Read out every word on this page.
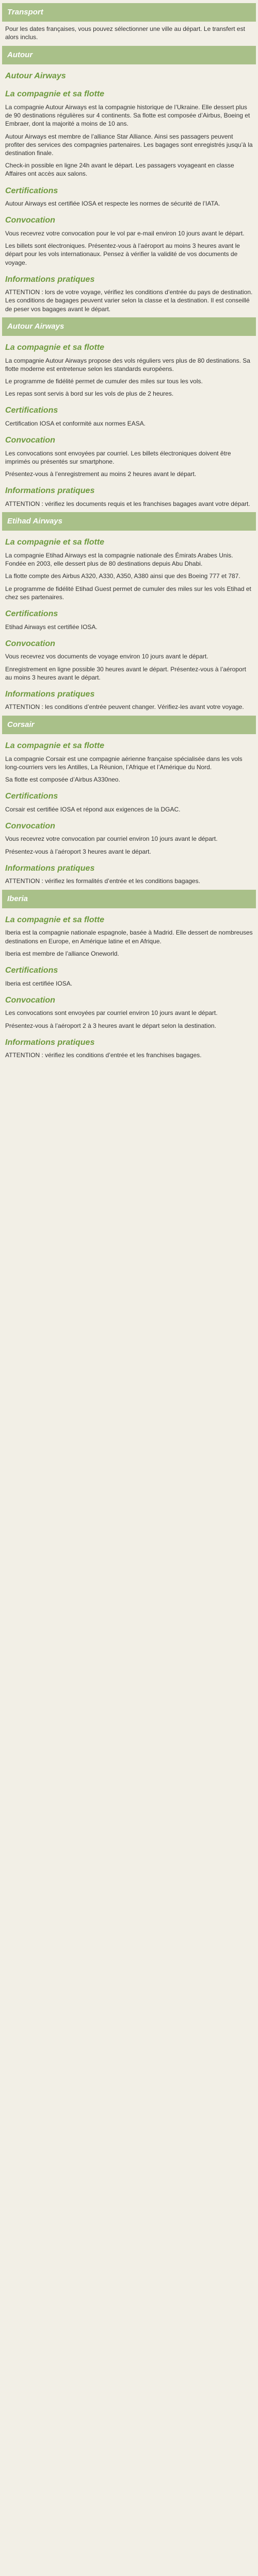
Transport
Pour les dates françaises, vous pouvez sélectionner une ville au départ. Le transfert est alors inclus.
Autour
Autour Airways
La compagnie et sa flotte
La compagnie Autour Airways est la compagnie historique de l’Ukraine. Elle dessert plus de 90 destinations régulières sur 4 continents. Sa flotte est composée d’Airbus, Boeing et Embraer, dont la majorité a moins de 10 ans.
Autour Airways est membre de l’alliance Star Alliance. Ainsi ses passagers peuvent profiter des services des compagnies partenaires. Les bagages sont enregistrés jusqu’à la destination finale.
Check-in possible en ligne 24h avant le départ. Les passagers voyageant en classe Affaires ont accès aux salons.
Certifications
Autour Airways est certifiée IOSA et respecte les normes de sécurité de l’IATA.
Convocation
Vous recevrez votre convocation pour le vol par e-mail environ 10 jours avant le départ.
Les billets sont électroniques. Présentez-vous à l’aéroport au moins 3 heures avant le départ pour les vols internationaux. Pensez à vérifier la validité de vos documents de voyage.
Informations pratiques
ATTENTION : lors de votre voyage, vérifiez les conditions d’entrée du pays de destination. Les conditions de bagages peuvent varier selon la classe et la destination. Il est conseillé de peser vos bagages avant le départ.
Autour Airways
La compagnie et sa flotte
La compagnie Autour Airways propose des vols réguliers vers plus de 80 destinations. Sa flotte moderne est entretenue selon les standards européens.
Le programme de fidélité permet de cumuler des miles sur tous les vols.
Les repas sont servis à bord sur les vols de plus de 2 heures.
Certifications
Certification IOSA et conformité aux normes EASA.
Convocation
Les convocations sont envoyées par courriel. Les billets électroniques doivent être imprimés ou présentés sur smartphone.
Présentez-vous à l’enregistrement au moins 2 heures avant le départ.
Informations pratiques
ATTENTION : vérifiez les documents requis et les franchises bagages avant votre départ.
Etihad Airways
La compagnie et sa flotte
La compagnie Etihad Airways est la compagnie nationale des Émirats Arabes Unis. Fondée en 2003, elle dessert plus de 80 destinations depuis Abu Dhabi.
La flotte compte des Airbus A320, A330, A350, A380 ainsi que des Boeing 777 et 787.
Le programme de fidélité Etihad Guest permet de cumuler des miles sur les vols Etihad et chez ses partenaires.
Certifications
Etihad Airways est certifiée IOSA.
Convocation
Vous recevrez vos documents de voyage environ 10 jours avant le départ.
Enregistrement en ligne possible 30 heures avant le départ. Présentez-vous à l’aéroport au moins 3 heures avant le départ.
Informations pratiques
ATTENTION : les conditions d’entrée peuvent changer. Vérifiez-les avant votre voyage.
Corsair
La compagnie et sa flotte
La compagnie Corsair est une compagnie aérienne française spécialisée dans les vols long-courriers vers les Antilles, La Réunion, l’Afrique et l’Amérique du Nord.
Sa flotte est composée d’Airbus A330neo.
Certifications
Corsair est certifiée IOSA et répond aux exigences de la DGAC.
Convocation
Vous recevrez votre convocation par courriel environ 10 jours avant le départ.
Présentez-vous à l’aéroport 3 heures avant le départ.
Informations pratiques
ATTENTION : vérifiez les formalités d’entrée et les conditions bagages.
Iberia
La compagnie et sa flotte
Iberia est la compagnie nationale espagnole, basée à Madrid. Elle dessert de nombreuses destinations en Europe, en Amérique latine et en Afrique.
Iberia est membre de l’alliance Oneworld.
Certifications
Iberia est certifiée IOSA.
Convocation
Les convocations sont envoyées par courriel environ 10 jours avant le départ.
Présentez-vous à l’aéroport 2 à 3 heures avant le départ selon la destination.
Informations pratiques
ATTENTION : vérifiez les conditions d’entrée et les franchises bagages.
